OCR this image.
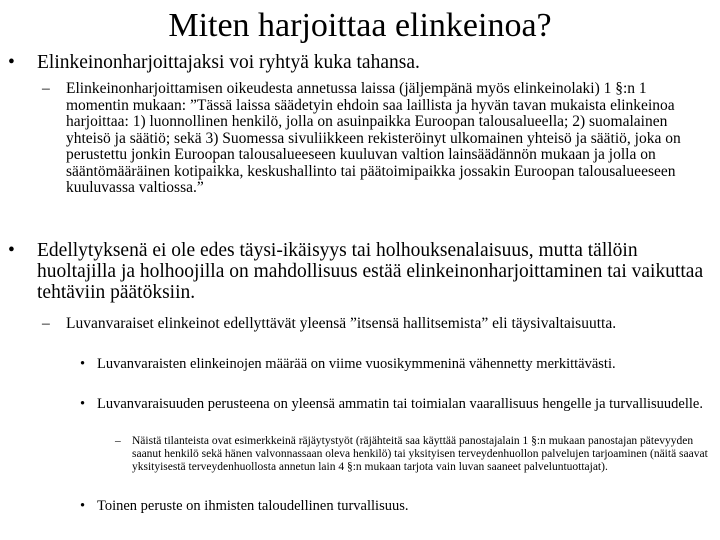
Miten harjoittaa elinkeinoa?
• Elinkeinonharjoittajaksi voi ryhtyä kuka tahansa.
– Elinkeinonharjoittamisen oikeudesta annetussa laissa (jäljempänä myös elinkeinolaki) 1 §:n 1 momentin mukaan: ”Tässä laissa säädetyin ehdoin saa laillista ja hyvän tavan mukaista elinkeinoa harjoittaa: 1) luonnollinen henkilö, jolla on asuinpaikka Euroopan talousalueella; 2) suomalainen yhteisö ja säätiö; sekä 3) Suomessa sivuliikkeen rekisteröinyt ulkomainen yhteisö ja säätiö, joka on perustettu jonkin Euroopan talousalueeseen kuuluvan valtion lainsäädännön mukaan ja jolla on sääntömääräinen kotipaikka, keskushallinto tai päätoimipaikka jossakin Euroopan talousalueeseen kuuluvassa valtiossa.”
• Edellytyksenä ei ole edes täysi-ikäisyys tai holhouksenalaisuus, mutta tällöin huoltajilla ja holhoojilla on mahdollisuus estää elinkeinonharjoittaminen tai vaikuttaa tehtäviin päätöksiin.
– Luvanvaraiset elinkeinot edellyttävät yleensä ”itsensä hallitsemista” eli täysivaltaisuutta.
• Luvanvaraisten elinkeinojen määrää on viime vuosikymmeninä vähennetty merkittävästi.
• Luvanvaraisuuden perusteena on yleensä ammatin tai toimialan vaarallisuus hengelle ja turvallisuudelle.
– Näistä tilanteista ovat esimerkkeinä räjäytystyöt (räjähteitä saa käyttää panostajalain 1 §:n mukaan panostajan pätevyyden saanut henkilö sekä hänen valvonnassaan oleva henkilö) tai yksityisen terveydenhuollon palvelujen tarjoaminen (näitä saavat yksityisestä terveydenhuollosta annetun lain 4 §:n mukaan tarjota vain luvan saaneet palveluntuottajat).
• Toinen peruste on ihmisten taloudellinen turvallisuus.
